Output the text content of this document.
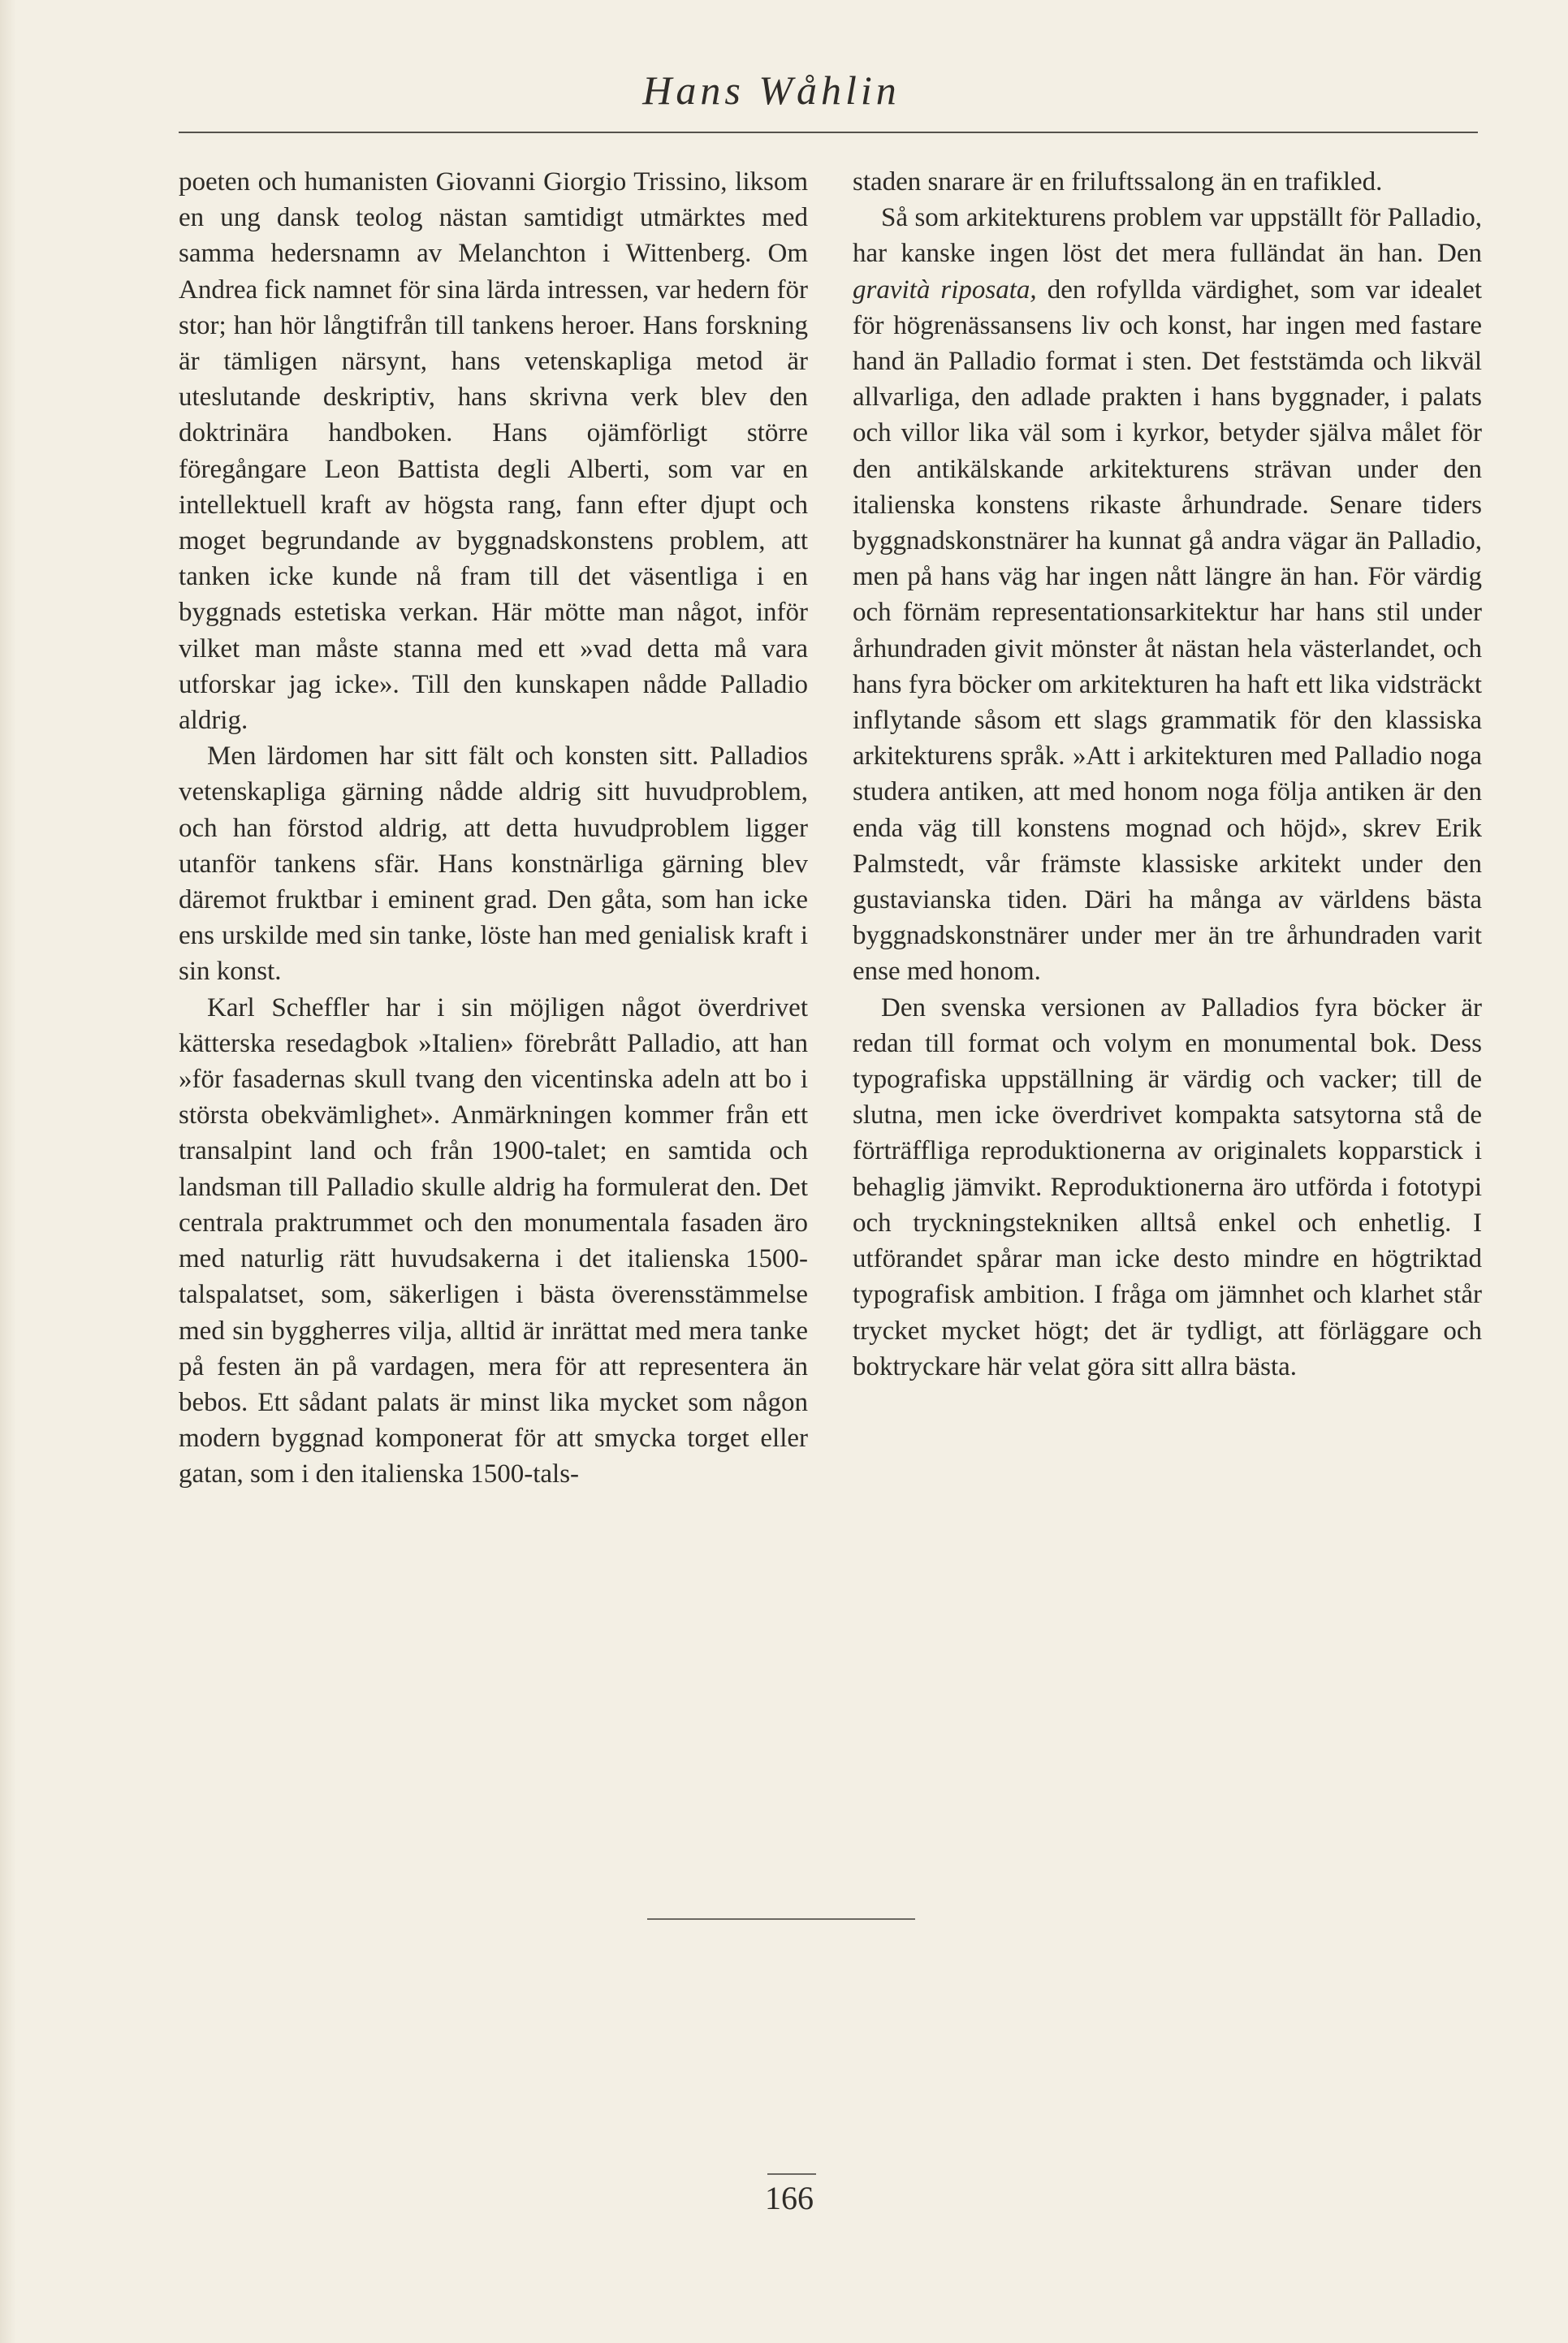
Hans Wåhlin

poeten och humanisten Giovanni Giorgio Trissino, liksom en ung dansk teolog nästan samtidigt utmärktes med samma hedersnamn av Melanchton i Wittenberg. Om Andrea fick namnet för sina lärda intressen, var hedern för stor; han hör långtifrån till tankens heroer. Hans forskning är tämligen närsynt, hans vetenskapliga metod är uteslutande deskriptiv, hans skrivna verk blev den doktrinära handboken. Hans ojämförligt större föregångare Leon Battista degli Alberti, som var en intellektuell kraft av högsta rang, fann efter djupt och moget begrundande av byggnadskonstens problem, att tanken icke kunde nå fram till det väsentliga i en byggnads estetiska verkan. Här mötte man något, inför vilket man måste stanna med ett »vad detta må vara utforskar jag icke». Till den kunskapen nådde Palladio aldrig.

Men lärdomen har sitt fält och konsten sitt. Palladios vetenskapliga gärning nådde aldrig sitt huvudproblem, och han förstod aldrig, att detta huvudproblem ligger utanför tankens sfär. Hans konstnärliga gärning blev däremot fruktbar i eminent grad. Den gåta, som han icke ens urskilde med sin tanke, löste han med genialisk kraft i sin konst.

Karl Scheffler har i sin möjligen något överdrivet kätterska resedagbok »Italien» förebrått Palladio, att han »för fasadernas skull tvang den vicentinska adeln att bo i största obekvämlighet». Anmärkningen kommer från ett transalpint land och från 1900-talet; en samtida och landsman till Palladio skulle aldrig ha formulerat den. Det centrala praktrummet och den monumentala fasaden äro med naturlig rätt huvudsakerna i det italienska 1500-talspalatset, som, säkerligen i bästa överensstämmelse med sin byggherres vilja, alltid är inrättat med mera tanke på festen än på vardagen, mera för att representera än bebos. Ett sådant palats är minst lika mycket som någon modern byggnad komponerat för att smycka torget eller gatan, som i den italienska 1500-tals-

staden snarare är en friluftssalong än en trafikled.

Så som arkitekturens problem var uppställt för Palladio, har kanske ingen löst det mera fulländat än han. Den gravità riposata, den rofyllda värdighet, som var idealet för högrenässansens liv och konst, har ingen med fastare hand än Palladio format i sten. Det feststämda och likväl allvarliga, den adlade prakten i hans byggnader, i palats och villor lika väl som i kyrkor, betyder själva målet för den antikälskande arkitekturens strävan under den italienska konstens rikaste århundrade. Senare tiders byggnadskonstnärer ha kunnat gå andra vägar än Palladio, men på hans väg har ingen nått längre än han. För värdig och förnäm representationsarkitektur har hans stil under århundraden givit mönster åt nästan hela västerlandet, och hans fyra böcker om arkitekturen ha haft ett lika vidsträckt inflytande såsom ett slags grammatik för den klassiska arkitekturens språk. »Att i arkitekturen med Palladio noga studera antiken, att med honom noga följa antiken är den enda väg till konstens mognad och höjd», skrev Erik Palmstedt, vår främste klassiske arkitekt under den gustavianska tiden. Däri ha många av världens bästa byggnadskonstnärer under mer än tre århundraden varit ense med honom.

Den svenska versionen av Palladios fyra böcker är redan till format och volym en monumental bok. Dess typografiska uppställning är värdig och vacker; till de slutna, men icke överdrivet kompakta satsytorna stå de förträffliga reproduktionerna av originalets kopparstick i behaglig jämvikt. Reproduktionerna äro utförda i fototypi och tryckningstekniken alltså enkel och enhetlig. I utförandet spårar man icke desto mindre en högtriktad typografisk ambition. I fråga om jämnhet och klarhet står trycket mycket högt; det är tydligt, att förläggare och boktryckare här velat göra sitt allra bästa.

166
